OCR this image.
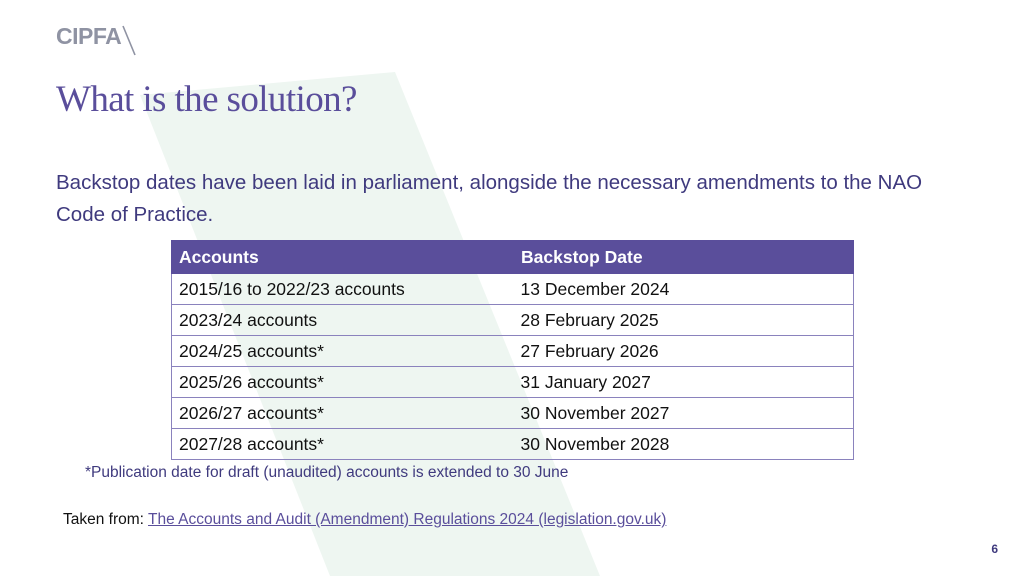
CIPFA
What is the solution?

Backstop dates have been laid in parliament, alongside the necessary amendments to the NAO Code of Practice.

Accounts	Backstop Date
2015/16 to 2022/23 accounts	13 December 2024
2023/24 accounts	28 February 2025
2024/25 accounts*	27 February 2026
2025/26 accounts*	31 January 2027
2026/27 accounts*	30 November 2027
2027/28 accounts*	30 November 2028

*Publication date for draft (unaudited) accounts is extended to 30 June

Taken from: The Accounts and Audit (Amendment) Regulations 2024 (legislation.gov.uk)

6
